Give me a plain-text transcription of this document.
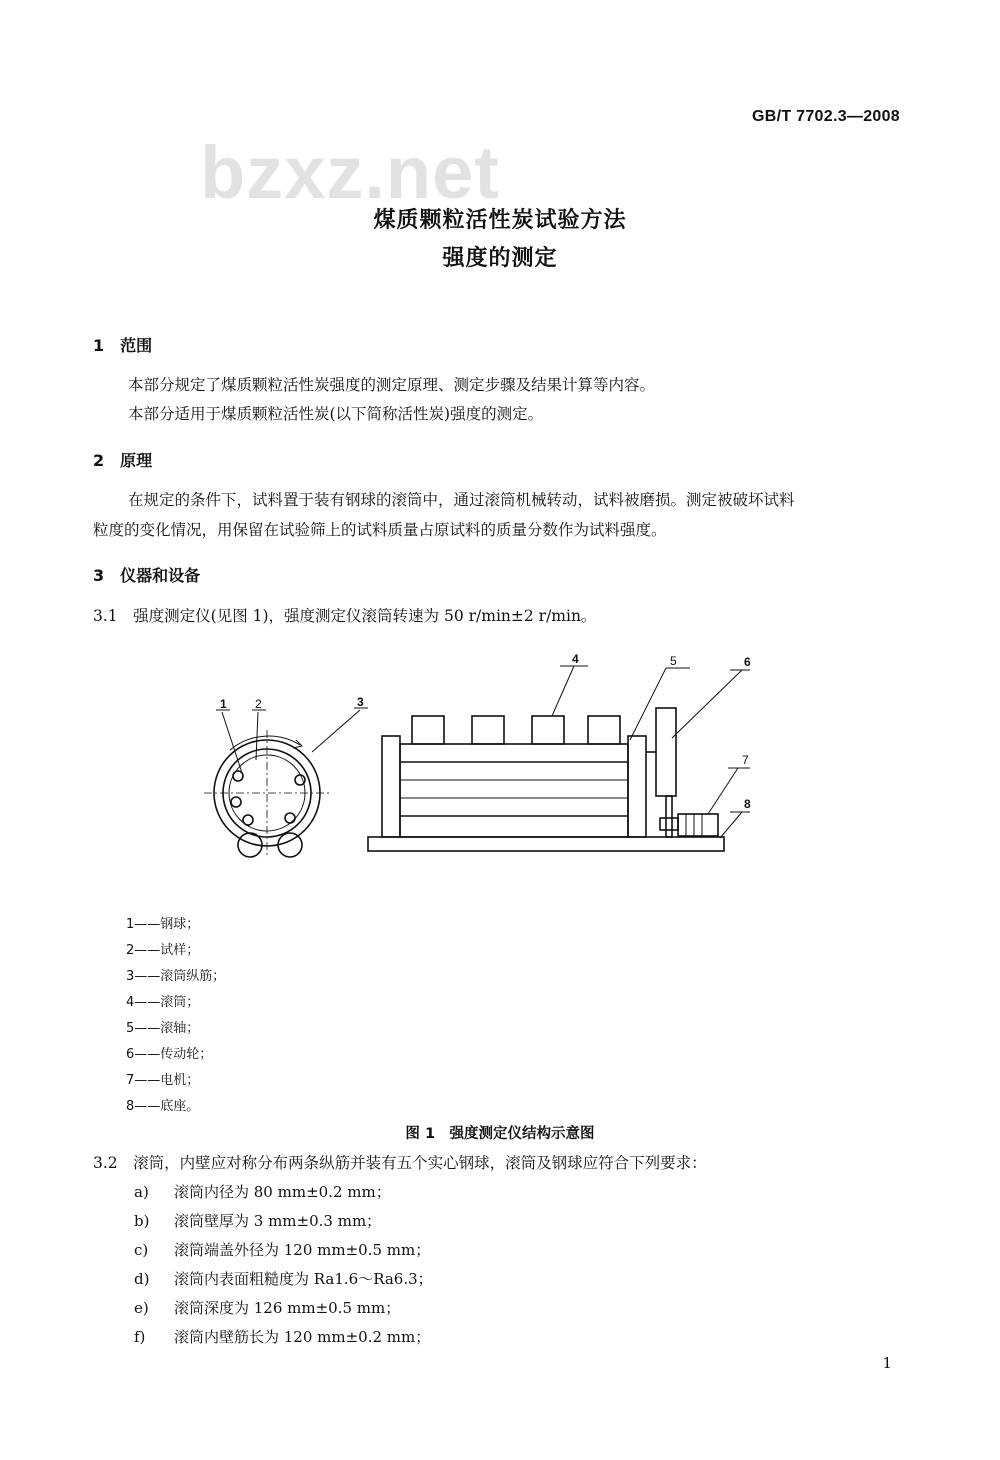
GB/T 7702.3—2008
bzxz.net
煤质颗粒活性炭试验方法
强度的测定
1　范围
本部分规定了煤质颗粒活性炭强度的测定原理、测定步骤及结果计算等内容。
本部分适用于煤质颗粒活性炭(以下简称活性炭)强度的测定。
2　原理
在规定的条件下，试料置于装有钢球的滚筒中，通过滚筒机械转动，试料被磨损。测定被破坏试料
粒度的变化情况，用保留在试验筛上的试料质量占原试料的质量分数作为试料强度。
3　仪器和设备
3.1　强度测定仪(见图 1)，强度测定仪滚筒转速为 50 r/min±2 r/min。
1 2	3
4	5	6
7
8
1——钢球；
2——试样；
3——滚筒纵筋；
4——滚筒；
5——滚轴；
6——传动轮；
7——电机；
8——底座。
图 1　强度测定仪结构示意图
3.2　滚筒，内壁应对称分布两条纵筋并装有五个实心钢球，滚筒及钢球应符合下列要求：
a) 滚筒内径为 80 mm±0.2 mm；
b) 滚筒壁厚为 3 mm±0.3 mm；
c) 滚筒端盖外径为 120 mm±0.5 mm；
d) 滚筒内表面粗糙度为 Ra1.6～Ra6.3；
e) 滚筒深度为 126 mm±0.5 mm；
f) 滚筒内壁筋长为 120 mm±0.2 mm；
1
